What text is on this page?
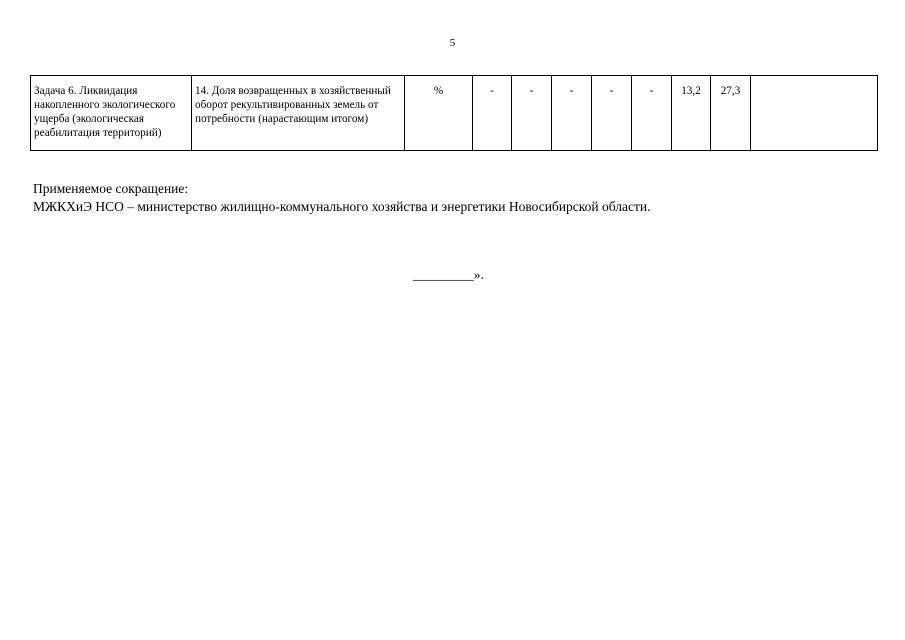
5
Задача 6. Ликвидация накопленного экологического ущерба (экологическая реабилитация территорий)	14. Доля возвращенных в хозяйственный оборот рекультивированных земель от потребности (нарастающим итогом)	%	-	-	-	-	-	13,2	27,3	
Применяемое сокращение:
МЖКХиЭ НСО – министерство жилищно-коммунального хозяйства и энергетики Новосибирской области.
_________».
